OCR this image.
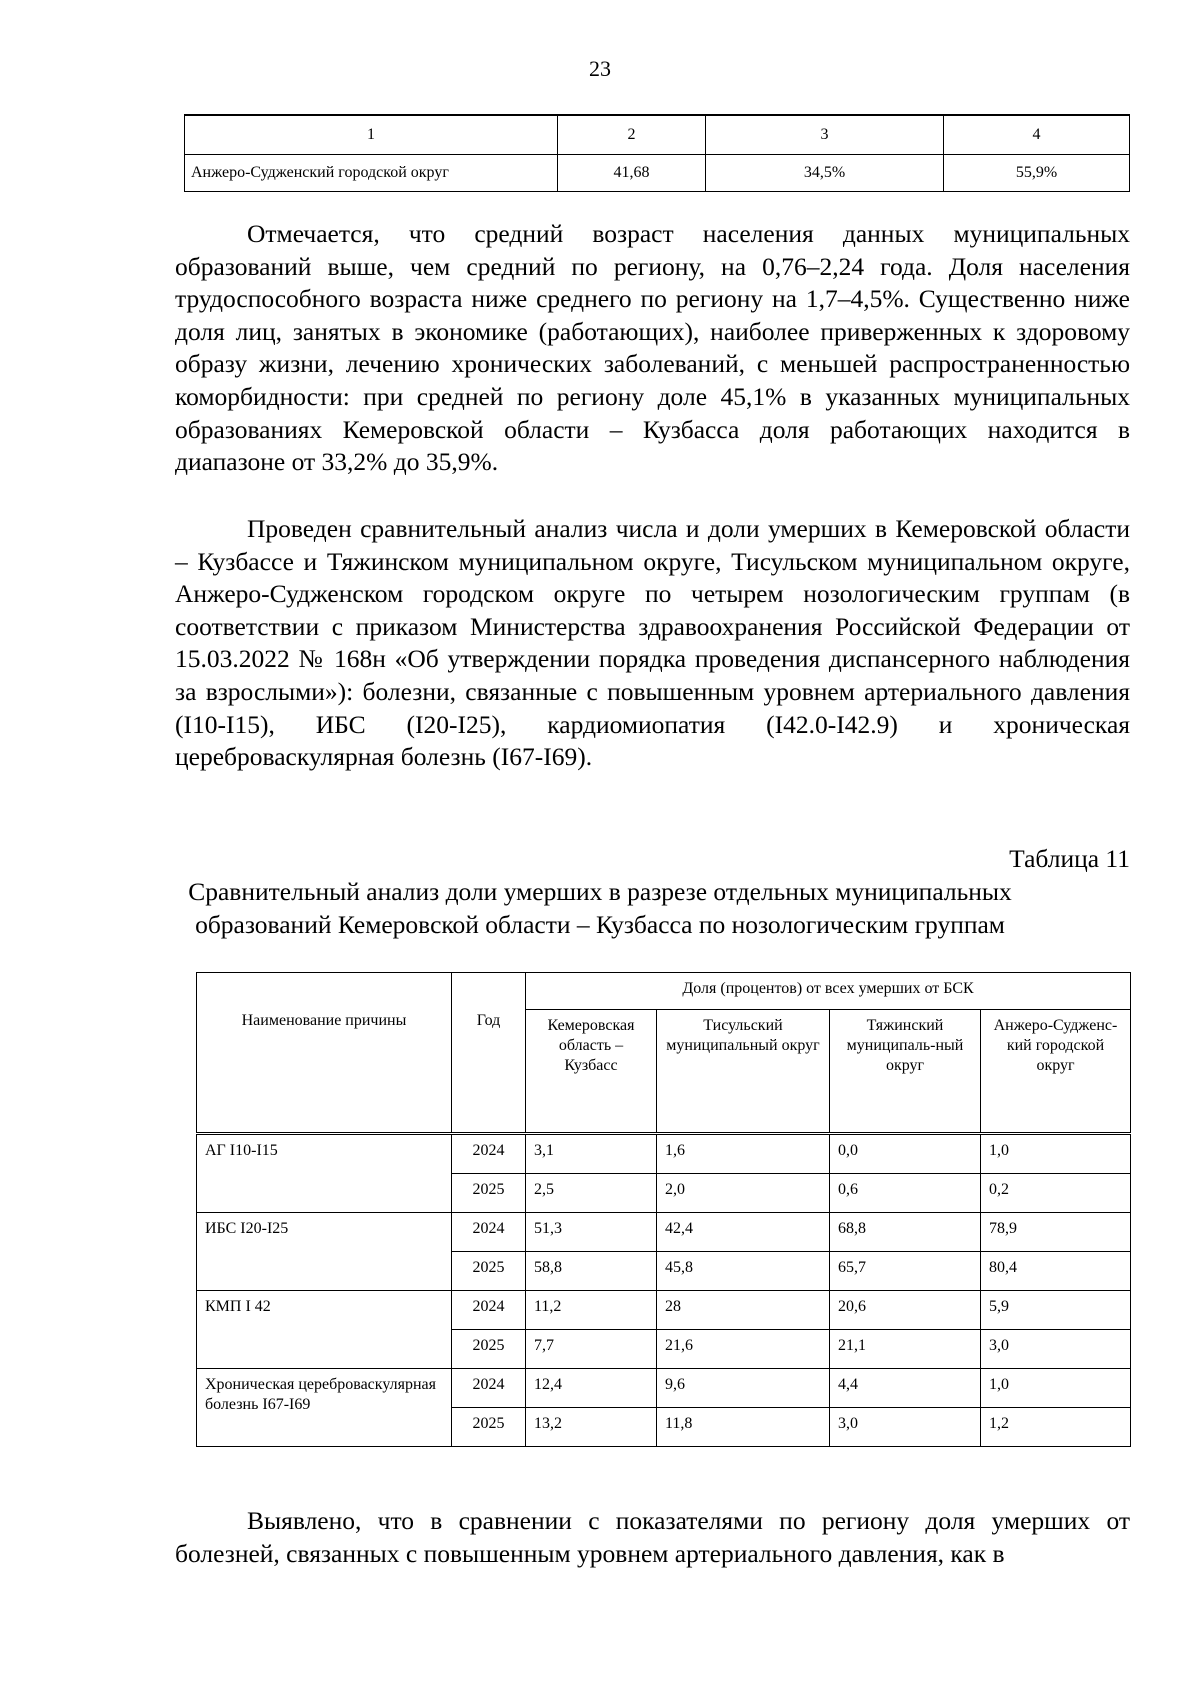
23
1	2	3	4
Анжеро-Судженский городской округ	41,68	34,5%	55,9%

Отмечается, что средний возраст населения данных муниципальных образований выше, чем средний по региону, на 0,76–2,24 года. Доля населения трудоспособного возраста ниже среднего по региону на 1,7–4,5%. Существенно ниже доля лиц, занятых в экономике (работающих), наиболее приверженных к здоровому образу жизни, лечению хронических заболеваний, с меньшей распространенностью коморбидности: при средней по региону доле 45,1% в указанных муниципальных образованиях Кемеровской области – Кузбасса доля работающих находится в диапазоне от 33,2% до 35,9%.

Проведен сравнительный анализ числа и доли умерших в Кемеровской области – Кузбассе и Тяжинском муниципальном округе, Тисульском муниципальном округе, Анжеро-Судженском городском округе по четырем нозологическим группам (в соответствии с приказом Министерства здравоохранения Российской Федерации от 15.03.2022 № 168н «Об утверждении порядка проведения диспансерного наблюдения за взрослыми»): болезни, связанные с повышенным уровнем артериального давления (I10-I15), ИБС (I20-I25), кардиомиопатия (I42.0-I42.9) и хроническая цереброваскулярная болезнь (I67-I69).

Таблица 11
Сравнительный анализ доли умерших в разрезе отдельных муниципальных образований Кемеровской области – Кузбасса по нозологическим группам
Наименование причины	Год	Доля (процентов) от всех умерших от БСК			
		Кемеровская область – Кузбасс	Тисульский муниципальный округ	Тяжинский муниципаль-ный округ	Анжеро-Судженс-кий городской округ
АГ I10-I15	2024	3,1	1,6	0,0	1,0
	2025	2,5	2,0	0,6	0,2
ИБС I20-I25	2024	51,3	42,4	68,8	78,9
	2025	58,8	45,8	65,7	80,4
КМП I 42	2024	11,2	28	20,6	5,9
	2025	7,7	21,6	21,1	3,0
Хроническая цереброваскулярная болезнь I67-I69	2024	12,4	9,6	4,4	1,0
	2025	13,2	11,8	3,0	1,2

Выявлено, что в сравнении с показателями по региону доля умерших от болезней, связанных с повышенным уровнем артериального давления, как в
